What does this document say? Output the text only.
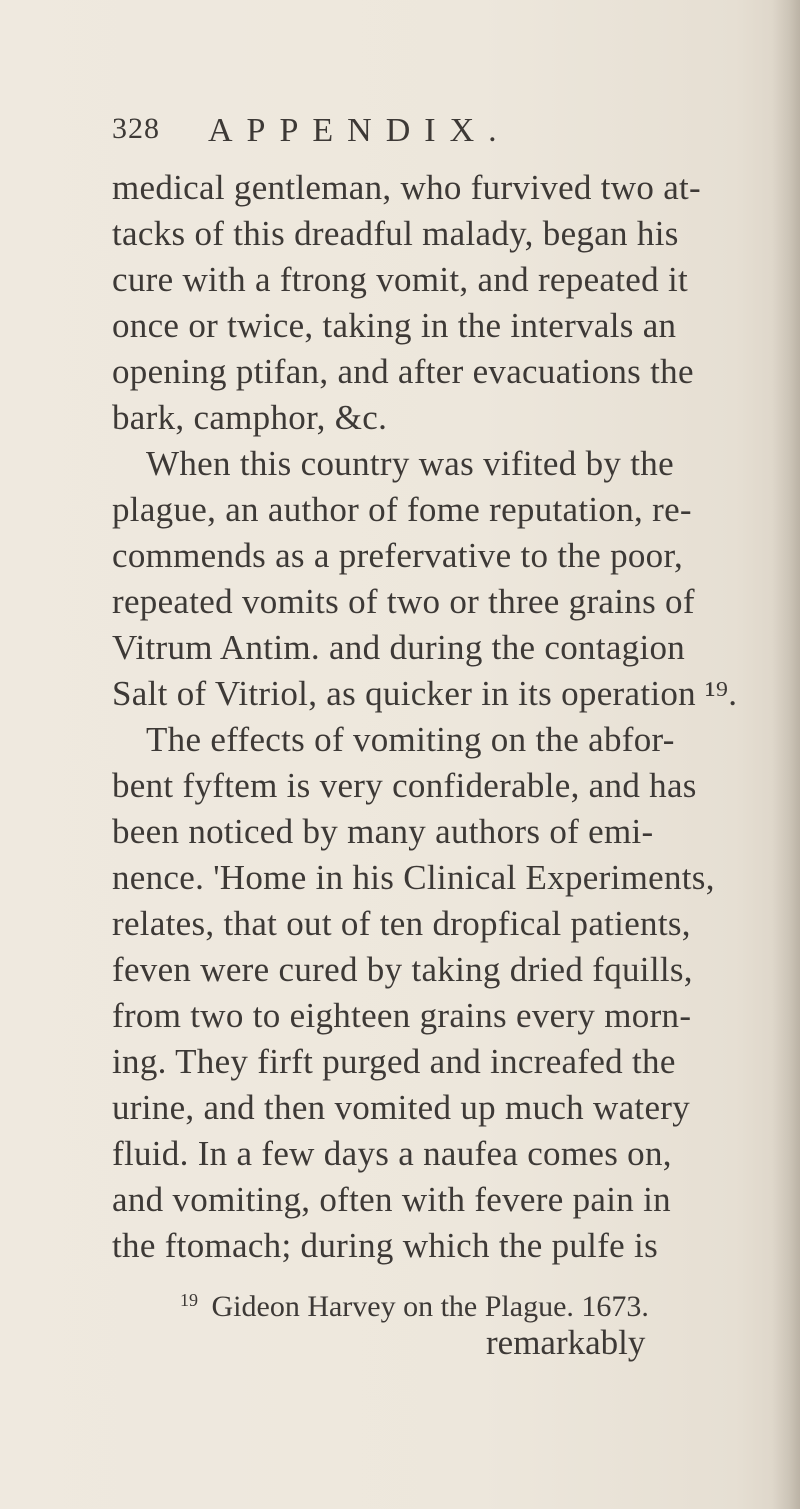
328 APPENDIX.
medical gentleman, who furvived two at-
tacks of this dreadful malady, began his
cure with a ftrong vomit, and repeated it
once or twice, taking in the intervals an
opening ptifan, and after evacuations the
bark, camphor, &c.
When this country was vifited by the
plague, an author of fome reputation, re-
commends as a prefervative to the poor,
repeated vomits of two or three grains of
Vitrum Antim. and during the contagion
Salt of Vitriol, as quicker in its operation ¹⁹.
The effects of vomiting on the abfor-
bent fyftem is very confiderable, and has
been noticed by many authors of emi-
nence. 'Home in his Clinical Experiments,
relates, that out of ten dropfical patients,
feven were cured by taking dried fquills,
from two to eighteen grains every morn-
ing. They firft purged and increafed the
urine, and then vomited up much watery
fluid. In a few days a naufea comes on,
and vomiting, often with fevere pain in
the ftomach; during which the pulfe is
$^{19}$ Gideon Harvey on the Plague. 1673.
remarkably
